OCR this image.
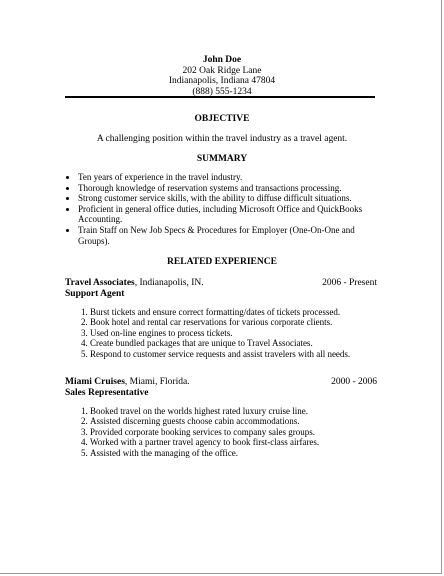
John Doe
202 Oak Ridge Lane
Indianapolis, Indiana 47804
(888) 555-1234
OBJECTIVE
A challenging position within the travel industry as a travel agent.
SUMMARY
• Ten years of experience in the travel industry.
• Thorough knowledge of reservation systems and transactions processing.
• Strong customer service skills, with the ability to diffuse difficult situations.
• Proficient in general office duties, including Microsoft Office and QuickBooks Accounting.
• Train Staff on New Job Specs & Procedures for Employer (One-On-One and Groups).
RELATED EXPERIENCE
Travel Associates, Indianapolis, IN.	2006 - Present
Support Agent
1. Burst tickets and ensure correct formatting/dates of tickets processed.
2. Book hotel and rental car reservations for various corporate clients.
3. Used on-line engines to process tickets.
4. Create bundled packages that are unique to Travel Associates.
5. Respond to customer service requests and assist travelers with all needs.
Miami Cruises, Miami, Florida.	2000 - 2006
Sales Representative
1. Booked travel on the worlds highest rated luxury cruise line.
2. Assisted discerning guests choose cabin accommodations.
3. Provided corporate booking services to company sales groups.
4. Worked with a partner travel agency to book first-class airfares.
5. Assisted with the managing of the office.
